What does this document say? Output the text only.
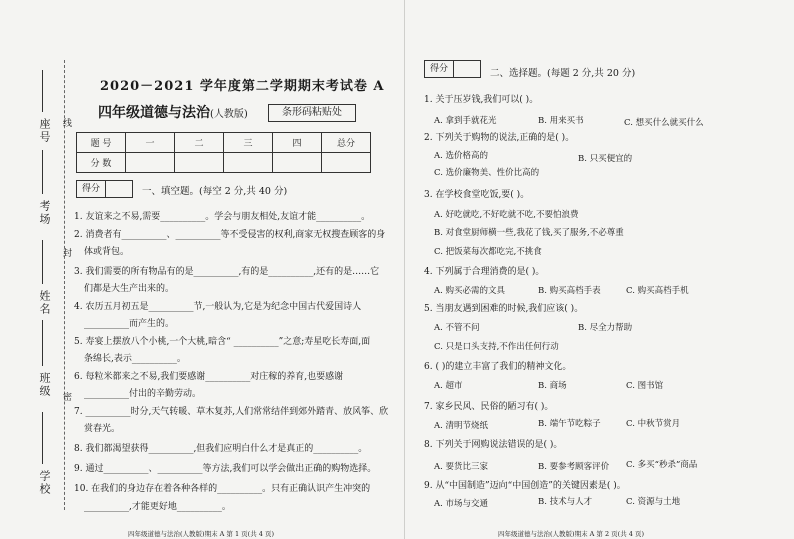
线
封
密
座号
考场
姓名
班级
学校
2020－2021 学年度第二学期期末考试卷 A
四年级道德与法治(人教版)	条形码粘贴处
题 号	一	二	三	四	总分
分 数					
得分	一、填空题。(每空 2 分,共 40 分)
1. 友谊来之不易,需要__________。学会与朋友相处,友谊才能__________。
2. 消费者有__________、__________等不受侵害的权利,商家无权搜查顾客的身
体或背包。
3. 我们需要的所有物品有的是__________,有的是__________,还有的是……它
们都是大生产出来的。
4. 农历五月初五是__________节,一般认为,它是为纪念中国古代爱国诗人
__________而产生的。
5. 寿宴上摆放八个小桃,一个大桃,暗含“ __________”之意;寿星吃长寿面,面
条绵长,表示__________。
6. 每粒米都来之不易,我们要感谢__________对庄稼的养育,也要感谢
__________付出的辛勤劳动。
7. __________时分,天气转暖、草木复苏,人们常常结伴到郊外踏青、放风筝、欣
赏春光。
8. 我们都渴望获得__________,但我们应明白什么才是真正的__________。
9. 通过__________、__________等方法,我们可以学会做出正确的购物选择。
10. 在我们的身边存在着各种各样的__________。只有正确认识产生冲突的
__________,才能更好地__________。
四年级道德与法治(人教版)期末 A 第 1 页(共 4 页)
得分	二、选择题。(每题 2 分,共 20 分)
1. 关于压岁钱,我们可以( )。
A. 拿到手就花光	B. 用来买书	C. 想买什么就买什么
2. 下列关于购物的说法,正确的是( )。
A. 选价格高的	B. 只买便宜的
C. 选价廉物美、性价比高的
3. 在学校食堂吃饭,要( )。
A. 好吃就吃,不好吃就不吃,不要怕浪费
B. 对食堂厨师横一些,我花了钱,买了服务,不必尊重
C. 把饭菜每次都吃完,不挑食
4. 下列属于合理消费的是( )。
A. 购买必需的文具	B. 购买高档手表	C. 购买高档手机
5. 当朋友遇到困难的时候,我们应该( )。
A. 不管不问	B. 尽全力帮助
C. 只是口头支持,不作出任何行动
6. ( )的建立丰富了我们的精神文化。
A. 超市	B. 商场	C. 图书馆
7. 家乡民风、民俗的陋习有( )。
A. 清明节烧纸	B. 端午节吃粽子	C. 中秋节赏月
8. 下列关于网购说法错误的是( )。
A. 要货比三家	B. 要参考顾客评价 C. 多买“秒杀”商品
9. 从“中国制造”迈向“中国创造”的关键因素是( )。
A. 市场与交通	B. 技术与人才	C. 资源与土地
四年级道德与法治(人教版)期末 A 第 2 页(共 4 页)
